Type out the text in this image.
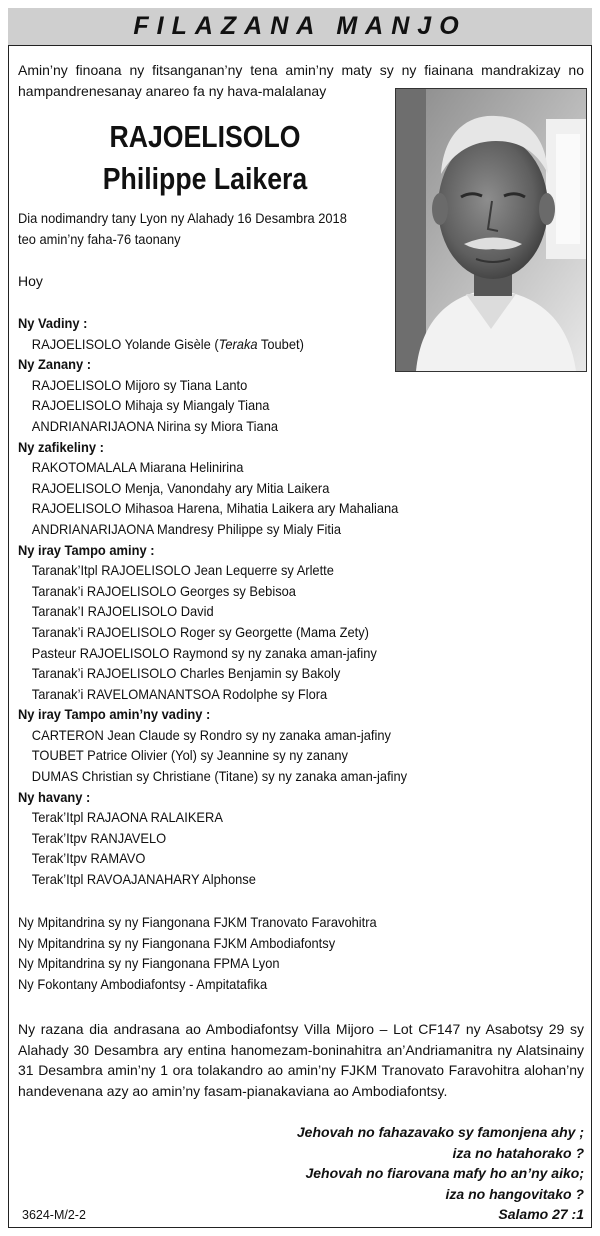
FILAZANA MANJO
Amin’ny finoana ny fitsanganan’ny tena amin’ny maty sy ny fiainana mandrakizay no hampandrenesanay anareo fa ny hava-malalanay
RAJOELISOLO
Philippe Laikera
Dia nodimandry tany Lyon ny Alahady 16 Desambra 2018
teo amin’ny faha-76 taonany
Hoy
Ny Vadiny :
RAJOELISOLO Yolande Gisèle (Teraka Toubet)
Ny Zanany :
RAJOELISOLO Mijoro sy Tiana Lanto
RAJOELISOLO Mihaja sy Miangaly Tiana
ANDRIANARIJAONA Nirina sy Miora Tiana
Ny zafikeliny :
RAKOTOMALALA Miarana Helinirina
RAJOELISOLO Menja, Vanondahy ary Mitia Laikera
RAJOELISOLO Mihasoa Harena, Mihatia Laikera ary Mahaliana
ANDRIANARIJAONA Mandresy Philippe sy Mialy Fitia
Ny iray Tampo aminy :
Taranak’Itpl RAJOELISOLO Jean Lequerre sy Arlette
Taranak’i RAJOELISOLO Georges sy Bebisoa
Taranak’I RAJOELISOLO David
Taranak’i RAJOELISOLO Roger sy Georgette (Mama Zety)
Pasteur RAJOELISOLO Raymond sy ny zanaka aman-jafiny
Taranak’i RAJOELISOLO Charles Benjamin sy Bakoly
Taranak’i RAVELOMANANTSOA Rodolphe sy Flora
Ny iray Tampo amin’ny vadiny :
CARTERON Jean Claude sy Rondro sy ny zanaka aman-jafiny
TOUBET Patrice Olivier (Yol) sy Jeannine sy ny zanany
DUMAS Christian sy Christiane (Titane) sy ny zanaka aman-jafiny
Ny havany :
Terak’Itpl RAJAONA RALAIKERA
Terak’Itpv RANJAVELO
Terak’Itpv RAMAVO
Terak’Itpl RAVOAJANAHARY Alphonse
Ny Mpitandrina sy ny Fiangonana FJKM Tranovato Faravohitra
Ny Mpitandrina sy ny Fiangonana FJKM Ambodiafontsy
Ny Mpitandrina sy ny Fiangonana FPMA Lyon
Ny Fokontany Ambodiafontsy - Ampitatafika
Ny razana dia andrasana ao Ambodiafontsy Villa Mijoro – Lot CF147 ny Asabotsy 29 sy Alahady 30 Desambra ary entina hanomezam-boninahitra an’Andriamanitra ny Alatsinainy 31 Desambra amin’ny 1 ora tolakandro ao amin’ny FJKM Tranovato Faravohitra alohan’ny handevenana azy ao amin’ny fasam-pianakaviana ao Ambodiafontsy.
Jehovah no fahazavako sy famonjena ahy ;
iza no hatahorako ?
Jehovah no fiarovana mafy ho an’ny aiko;
iza no hangovitako ?
Salamo 27 :1
3624-M/2-2
